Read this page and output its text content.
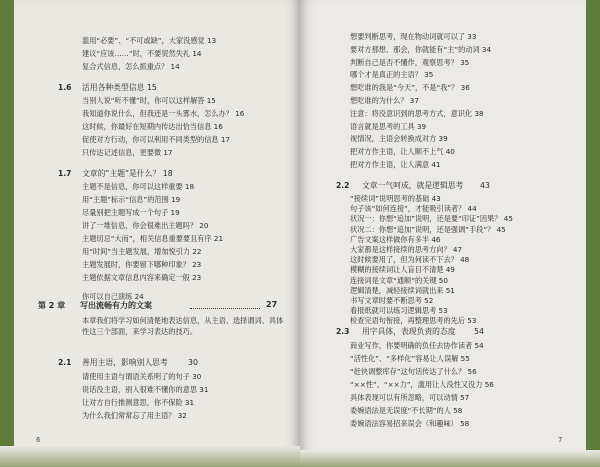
滥用“必要”、“不可或缺”，大家没感觉 13
建议“应该……”时，不要贸然失礼 14
复合式信息，怎么抓重点？ 14
1.6 活用各种类型信息 15
当别人说“听不懂”时，你可以这样解答 15
我知道你说什么，但我还是一头雾水，怎么办？ 16
这时候，你最好在短期内传达出恰当信息 16
促使对方行动，你可以利用不同类型的信息 17
只传达记述信息，更要微 17
1.7 文章的“主题”是什么？ 18
主题不是信息，你可以这样重要 18
用“主题”标示“信息”的范围 19
尽量别把主题写成一个句子 19
讲了一堆信息，你会很难出主题吗？ 20
主题切忌“大而”，相关信息重要要且有序 21
用“时间”当主题发展，增加悦引力 22
主题发展时，你要留下哪种印象？ 23
主题依据文章信息内容来确定一般 23
你可以自己演练 24
第 2 章 写出流畅有力的文案	27
本章我们将学习如何清楚地表达信息，从主语、选择谓词、具体
性这三个部面，来学习表达的技巧。
2.1 善用主语，影响别人思考	30
请使用主语与谓语关系明了的句子 30
说话没主语，别人很难不懂你的意思 31
让对方自行推测意思，你不保险 31
为什么我们常常忘了用主语？ 32
6
想要判断思考，现在物动词就可以了 33
要对方那想、那会，你就能有“主”的动词 34
判断自己是否不懂作，观察思考？ 35
哪个才是真正的主语？ 35
想吃谁的我是“今天”，不是“我”？ 36
想吃谁的为什么？ 37
注意：将没意识到的思考方式，意识化 38
语言就是思考的工具 39
视情况，主语会转换成对方 39
把对方作主语，让人顺不上气 40
把对方作主语，让人满意 41
2.2 文章一气呵成，就是逻辑思考 43
“接续词”说明思考的基础 43
句子该“如何连接”，才能吸引读者？ 44
状况一：你想“追加”说明，还是要“印证”因果？ 45
状况二：你想“追加”说明，还是强调“手段”？ 45
广告文案这样做你有多半 46
大家都是这样接续的思考方向？ 47
这时候要用了，但为何读不下去？ 48
模糊的接续词让人盲目不清楚 49
连接词是文章“通顺”的关键 50
逻辑清楚，减轻接续词就出来 51
书写文章时要不断思考 52
看报纸就可以练习逻辑思考 53
检查完语句衔接，再整理思考的先后 53
2.3 用字具体，表现负责的态度 54
商业写作，你要明确的负任去协作读者 54
“活性化”、“多样化”容易让人误解 55
“赶快调整库存”这句话传达了什么？ 56
“××性”、“××力”，滥用让人没性又没力 56
具体表现可以有所忽略，可以动情 57
委婉语法是无误度“不长期”的人 58
委婉语法容易招来误会（和趣味） 58
7
